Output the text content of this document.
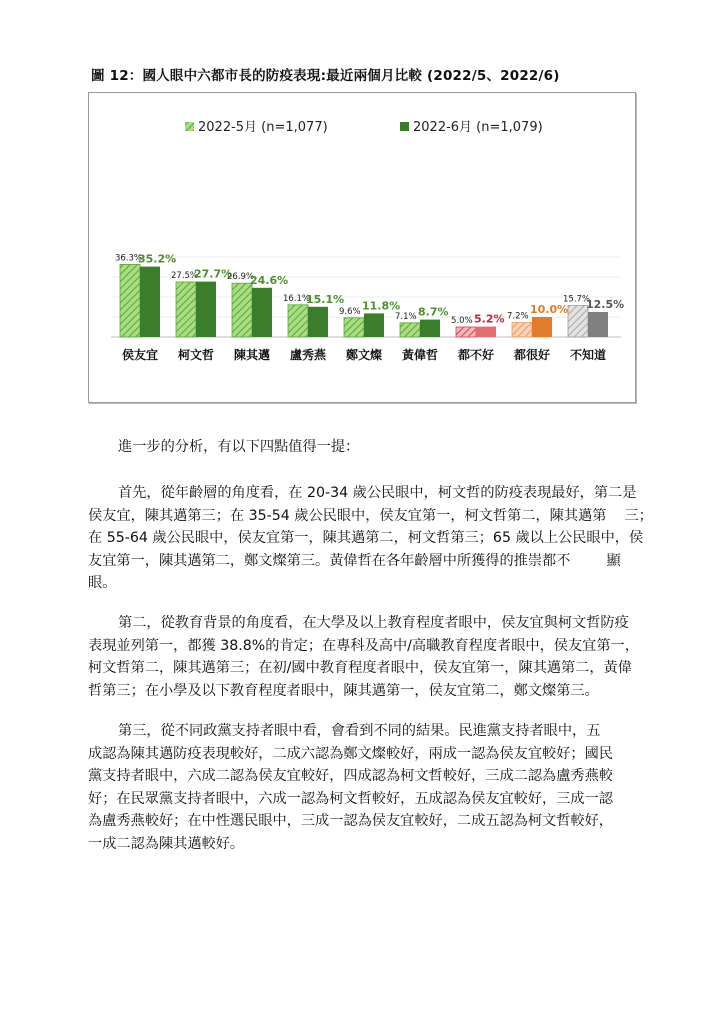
圖 12：國人眼中六都市長的防疫表現:最近兩個月比較 (2022/5、2022/6)
2022-5月 (n=1,077)	2022-6月 (n=1,079)
36.3%
35.2%
侯友宜
27.5%
27.7%
柯文哲
26.9%
24.6%
陳其邁
16.1%
15.1%
盧秀燕
9.6% 11.8%
鄭文燦
7.1% 8.7%
黃偉哲
5.0% 5.2%
都不好
7.2%
10.0%
都很好
15.7%
12.5%
不知道
進一步的分析，有以下四點值得一提：
首先，從年齡層的角度看，在 20-34 歲公民眼中，柯文哲的防疫表現最好，第二是
侯友宜，陳其邁第三；在 35-54 歲公民眼中，侯友宜第一，柯文哲第二，陳其邁第    三；
在 55-64 歲公民眼中，侯友宜第一，陳其邁第二，柯文哲第三；65 歲以上公民眼中，侯
友宜第一，陳其邁第二，鄭文燦第三。黃偉哲在各年齡層中所獲得的推崇都不        顯
眼。
第二，從教育背景的角度看，在大學及以上教育程度者眼中，侯友宜與柯文哲防疫
表現並列第一，都獲 38.8%的肯定；在專科及高中/高職教育程度者眼中，侯友宜第一，
柯文哲第二，陳其邁第三；在初/國中教育程度者眼中，侯友宜第一，陳其邁第二，黃偉
哲第三；在小學及以下教育程度者眼中，陳其邁第一，侯友宜第二，鄭文燦第三。
第三，從不同政黨支持者眼中看，會看到不同的結果。民進黨支持者眼中，五
成認為陳其邁防疫表現較好，二成六認為鄭文燦較好，兩成一認為侯友宜較好；國民
黨支持者眼中，六成二認為侯友宜較好，四成認為柯文哲較好，三成二認為盧秀燕較
好；在民眾黨支持者眼中，六成一認為柯文哲較好，五成認為侯友宜較好，三成一認
為盧秀燕較好；在中性選民眼中，三成一認為侯友宜較好，二成五認為柯文哲較好，
一成二認為陳其邁較好。
